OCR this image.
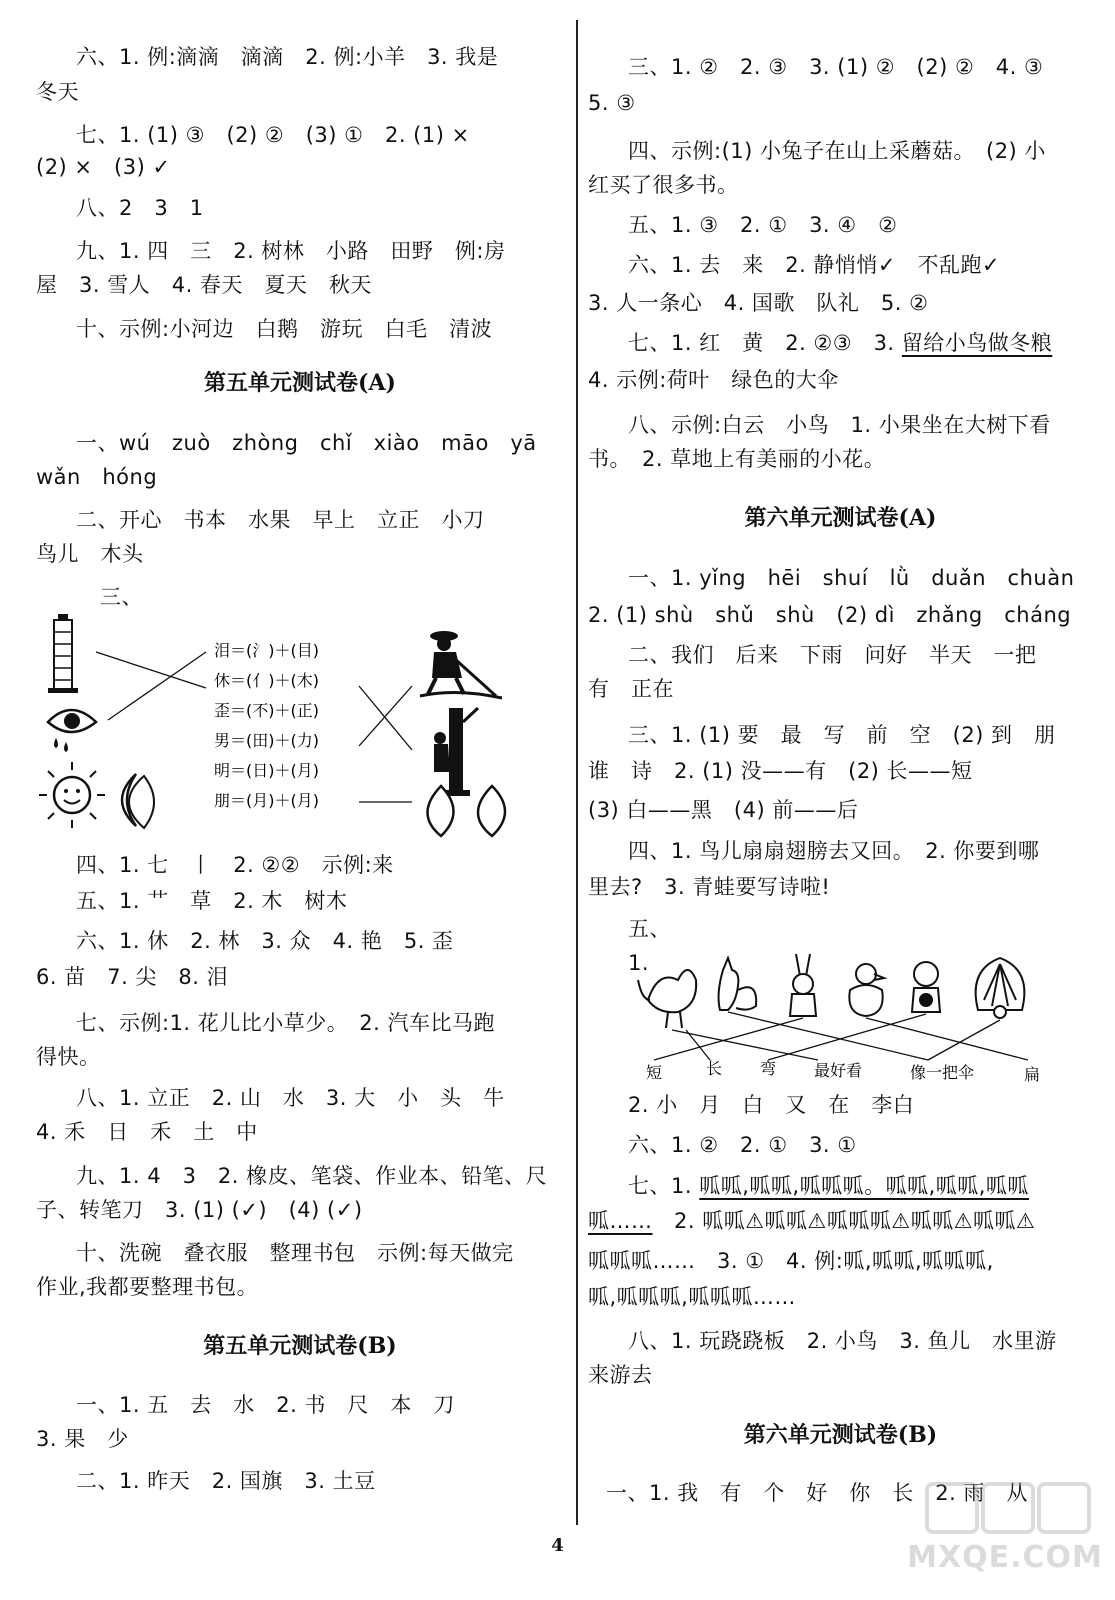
六、1. 例:滴滴　滴滴　2. 例:小羊　3. 我是
冬天
七、1. (1) ③　(2) ②　(3) ①　2. (1) ×
(2) ×　(3) ✓
八、2　3　1
九、1. 四　三　2. 树林　小路　田野　例:房
屋　3. 雪人　4. 春天　夏天　秋天
十、示例:小河边　白鹅　游玩　白毛　清波
第五单元测试卷(A)
一、wú　zuò　zhòng　chǐ　xiào　māo　yā
wǎn　hóng
二、开心　书本　水果　早上　立正　小刀
鸟儿　木头
三、
泪＝(氵)＋(目)
休＝(亻)＋(木)
歪＝(不)＋(正)
男＝(田)＋(力)
明＝(日)＋(月)
朋＝(月)＋(月)
四、1. 七　丨　2. ②②　示例:来
五、1. 艹　草　2. 木　树木
六、1. 休　2. 林　3. 众　4. 艳　5. 歪
6. 苗　7. 尖　8. 泪
七、示例:1. 花儿比小草少。　2. 汽车比马跑
得快。
八、1. 立正　2. 山　水　3. 大　小　头　牛
4. 禾　日　禾　土　中
九、1. 4　3　2. 橡皮、笔袋、作业本、铅笔、尺
子、转笔刀　3. (1) (✓)　(4) (✓)
十、洗碗　叠衣服　整理书包　示例:每天做完
作业,我都要整理书包。
第五单元测试卷(B)
一、1. 五　去　水　2. 书　尺　本　刀
3. 果　少
二、1. 昨天　2. 国旗　3. 土豆
三、1. ②　2. ③　3. (1) ②　(2) ②　4. ③
5. ③
四、示例:(1) 小兔子在山上采蘑菇。　(2) 小
红买了很多书。
五、1. ③　2. ①　3. ④　②
六、1. 去　来　2. 静悄悄✓　不乱跑✓
3. 人一条心　4. 国歌　队礼　5. ②
七、1. 红　黄　2. ②③　3. 留给小鸟做冬粮
4. 示例:荷叶　绿色的大伞
八、示例:白云　小鸟　1. 小果坐在大树下看
书。　2. 草地上有美丽的小花。
第六单元测试卷(A)
一、1. yǐng　hēi　shuí　lǜ　duǎn　chuàn
2. (1) shù　shǔ　shù　(2) dì　zhǎng　cháng
二、我们　后来　下雨　问好　半天　一把
有　正在
三、1. (1) 要　最　写　前　空　(2) 到　朋
谁　诗　2. (1) 没——有　(2) 长——短
(3) 白——黑　(4) 前——后
四、1. 鸟儿扇扇翅膀去又回。　2. 你要到哪
里去?　3. 青蛙要写诗啦!
五、
1.
短	长 弯 最好看	像一把伞	扁
2. 小　月　白　又　在　李白
六、1. ②　2. ①　3. ①
七、1. 呱呱,呱呱,呱呱呱。呱呱,呱呱,呱呱
呱……　2. 呱呱⚠呱呱⚠呱呱呱⚠呱呱⚠呱呱⚠
呱呱呱……　3. ①　4. 例:呱,呱呱,呱呱呱,
呱,呱呱呱,呱呱呱……
八、1. 玩跷跷板　2. 小鸟　3. 鱼儿　水里游
来游去
第六单元测试卷(B)
一、1. 我　有　个　好　你　长　2. 雨　从
4	MXQE.COM
